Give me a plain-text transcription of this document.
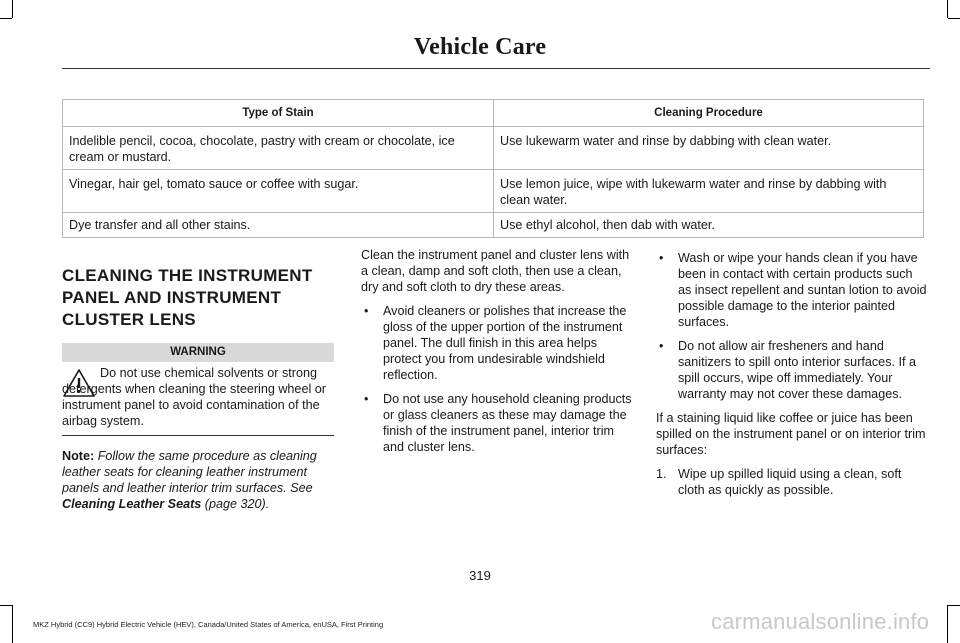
Vehicle Care
Type of Stain	Cleaning Procedure
Indelible pencil, cocoa, chocolate, pastry with cream or chocolate, ice cream or mustard.	Use lukewarm water and rinse by dabbing with clean water.
Vinegar, hair gel, tomato sauce or coffee with sugar.	Use lemon juice, wipe with lukewarm water and rinse by dabbing with clean water.
Dye transfer and all other stains.	Use ethyl alcohol, then dab with water.
CLEANING THE INSTRUMENT
PANEL AND INSTRUMENT
CLUSTER LENS
WARNING
Do not use chemical solvents or strong detergents when cleaning the steering wheel or instrument panel to avoid contamination of the airbag system.
Note: Follow the same procedure as cleaning leather seats for cleaning leather instrument panels and leather interior trim surfaces. See Cleaning Leather Seats (page 320).

Clean the instrument panel and cluster lens with a clean, damp and soft cloth, then use a clean, dry and soft cloth to dry these areas.

• Avoid cleaners or polishes that increase the gloss of the upper portion of the instrument panel. The dull finish in this area helps protect you from undesirable windshield reflection.
• Do not use any household cleaning products or glass cleaners as these may damage the finish of the instrument panel, interior trim and cluster lens.
• Wash or wipe your hands clean if you have been in contact with certain products such as insect repellent and suntan lotion to avoid possible damage to the interior painted surfaces.
• Do not allow air fresheners and hand sanitizers to spill onto interior surfaces. If a spill occurs, wipe off immediately. Your warranty may not cover these damages.

If a staining liquid like coffee or juice has been spilled on the instrument panel or on interior trim surfaces:

1. Wipe up spilled liquid using a clean, soft cloth as quickly as possible.
319
MKZ Hybrid (CC9) Hybrid Electric Vehicle (HEV), Canada/United States of America, enUSA, First Printing	carmanualsonline.info
